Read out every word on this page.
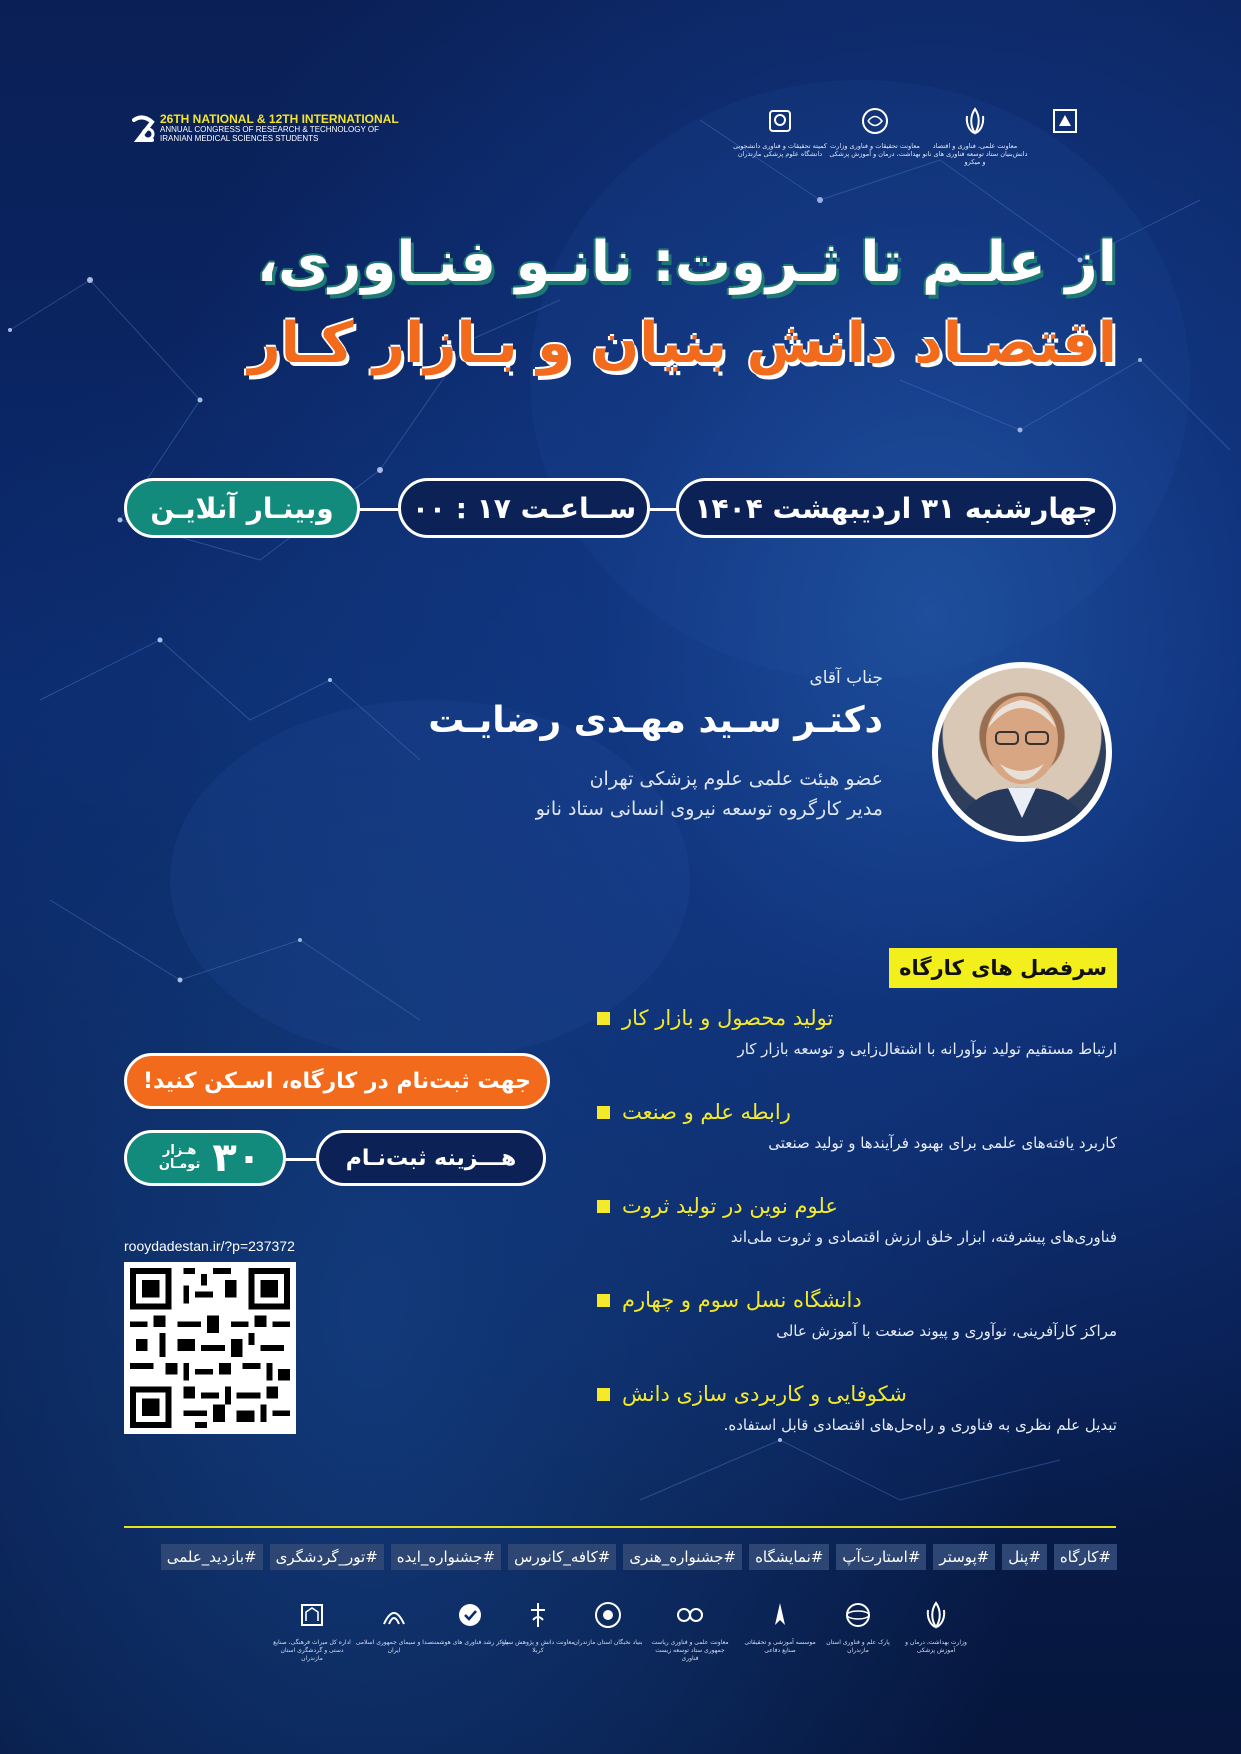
26TH NATIONAL & 12TH INTERNATIONAL
ANNUAL CONGRESS OF RESEARCH & TECHNOLOGY OF
IRANIAN MEDICAL SCIENCES STUDENTS
معاونت علمی، فناوری و اقتصاد دانش‌بنیان ستاد توسعه فناوری های نانو و میکرو
معاونت تحقیقات و فناوری وزارت بهداشت، درمان و آموزش پزشکی
کمیته تحقیقات و فناوری دانشجویی دانشگاه علوم پزشکی مازندران
از علـم تا ثـروت: نانـو فنـاوری،
اقتصـاد دانش بنیان و بـازار کـار
چهارشنبه ۳۱ اردیبهشت ۱۴۰۴
ســاعـت ۱۷ : ۰۰
وبینـار آنلایـن
جناب آقای
دکتـر سـید مهـدی رضایـت
عضو هیئت علمی علوم پزشکی تهران
مدیر کارگروه توسعه نیروی انسانی ستاد نانو
سرفصل های کارگاه
تولید محصول و بازار کار
ارتباط مستقیم تولید نوآورانه با اشتغال‌زایی و توسعه بازار کار
رابطه علم و صنعت
کاربرد یافته‌های علمی برای بهبود فرآیندها و تولید صنعتی
علوم نوین در تولید ثروت
فناوری‌های پیشرفته، ابزار خلق ارزش اقتصادی و ثروت ملی‌اند
دانشگاه نسل سوم و چهارم
مراکز کارآفرینی، نوآوری و پیوند صنعت با آموزش عالی
شکوفایی و کاربردی سازی دانش
تبدیل علم نظری به فناوری و راه‌حل‌های اقتصادی قابل استفاده.
جهت ثبت‌نام در کارگاه، اسـکن کنید!
هـــزینه ثبت‌نـام
هـزار
تومـان ۳۰
rooydadestan.ir/?p=237372
#کارگاه
#پنل
#پوستر
#استارت‌آپ
#نمایشگاه
#جشنواره_هنری
#کافه_کانورس
#جشنواره_ایده
#تور_گردشگری
#بازدید_علمی
وزارت بهداشت، درمان و آموزش پزشکی
پارک علم و فناوری استان مازندران
موسسه آموزشی و تحقیقاتی صنایع دفاعی
معاونت علمی و فناوری ریاست جمهوری ستاد توسعه زیست فناوری
بنیاد نخبگان استان مازندران
معاونت دانش و پژوهش سپاه کربلا
مرکز رشد فناوری های هوشمند
صدا و سیمای جمهوری اسلامی ایران
اداره کل میراث فرهنگی، صنایع دستی و گردشگری استان مازندران
